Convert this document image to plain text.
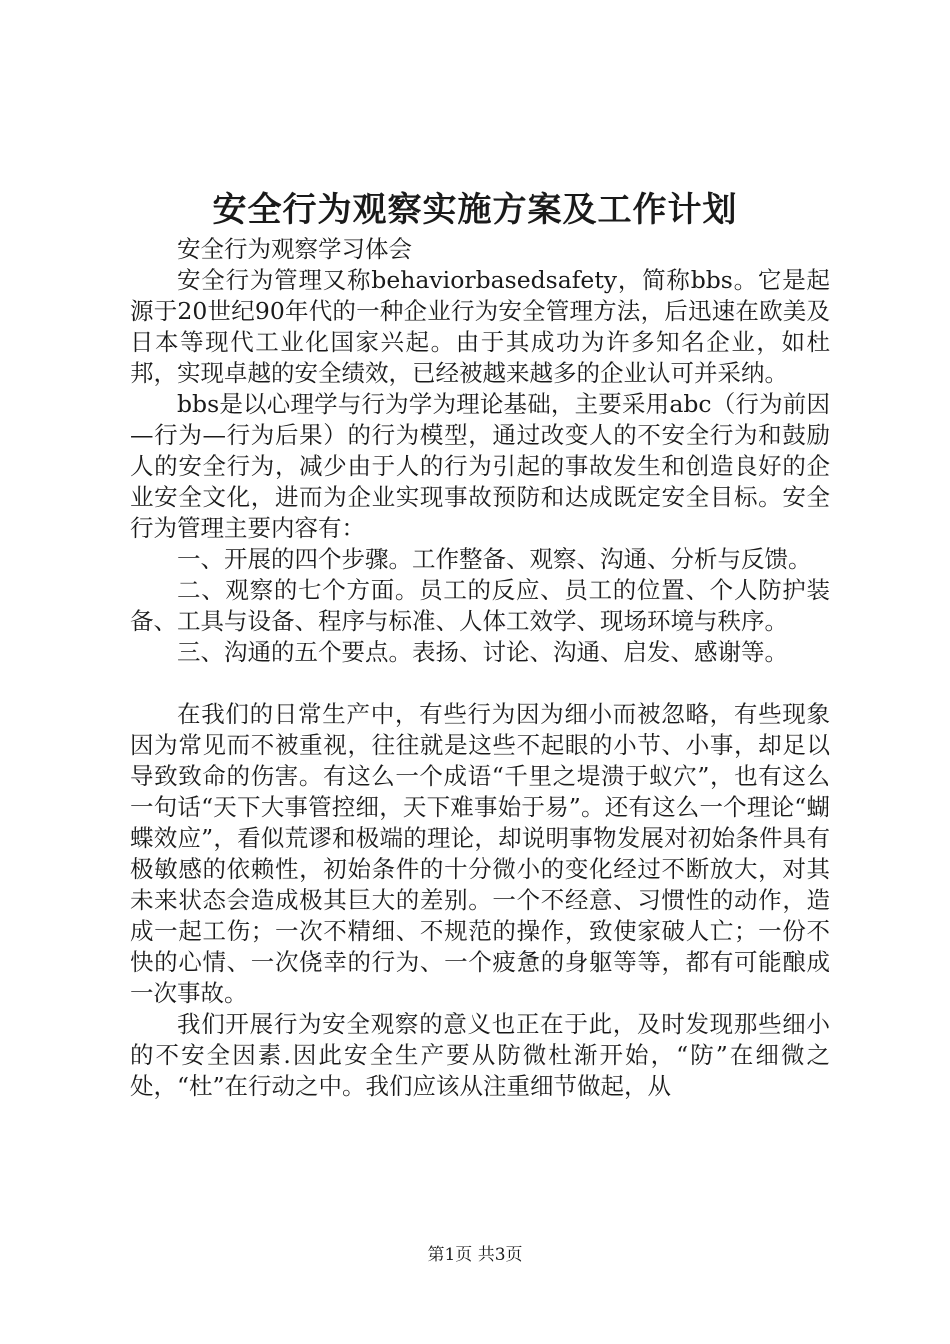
安全行为观察实施方案及工作计划

安全行为观察学习体会

安全行为管理又称behaviorbasedsafety，简称bbs。它是起源于20世纪90年代的一种企业行为安全管理方法，后迅速在欧美及日本等现代工业化国家兴起。由于其成功为许多知名企业，如杜邦，实现卓越的安全绩效，已经被越来越多的企业认可并采纳。

bbs是以心理学与行为学为理论基础，主要采用abc（行为前因—行为—行为后果）的行为模型，通过改变人的不安全行为和鼓励人的安全行为，减少由于人的行为引起的事故发生和创造良好的企业安全文化，进而为企业实现事故预防和达成既定安全目标。安全行为管理主要内容有：

一、开展的四个步骤。工作整备、观察、沟通、分析与反馈。

二、观察的七个方面。员工的反应、员工的位置、个人防护装备、工具与设备、程序与标准、人体工效学、现场环境与秩序。

三、沟通的五个要点。表扬、讨论、沟通、启发、感谢等。

在我们的日常生产中，有些行为因为细小而被忽略，有些现象因为常见而不被重视，往往就是这些不起眼的小节、小事，却足以导致致命的伤害。有这么一个成语“千里之堤溃于蚁穴”，也有这么一句话“天下大事管控细，天下难事始于易”。还有这么一个理论“蝴蝶效应”，看似荒谬和极端的理论，却说明事物发展对初始条件具有极敏感的依赖性，初始条件的十分微小的变化经过不断放大，对其未来状态会造成极其巨大的差别。一个不经意、习惯性的动作，造成一起工伤；一次不精细、不规范的操作，致使家破人亡；一份不快的心情、一次侥幸的行为、一个疲惫的身躯等等，都有可能酿成一次事故。

我们开展行为安全观察的意义也正在于此，及时发现那些细小的不安全因素.因此安全生产要从防微杜渐开始，“防”在细微之处，“杜”在行动之中。我们应该从注重细节做起，从

第1页 共3页
